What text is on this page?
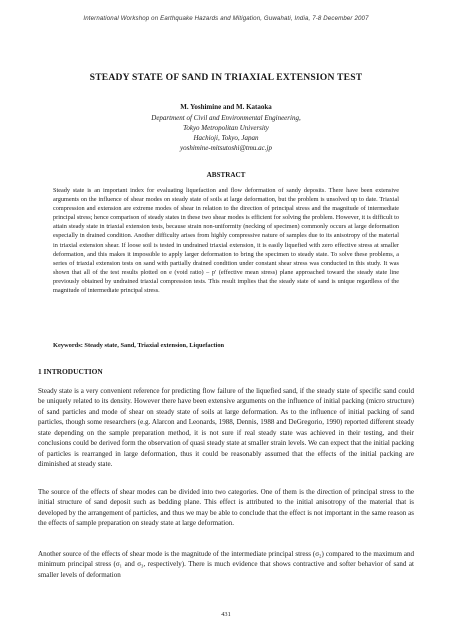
International Workshop on Earthquake Hazards and Mitigation, Guwahati, India, 7-8 December 2007
STEADY STATE OF SAND IN TRIAXIAL EXTENSION TEST
M. Yoshimine and M. Kataoka
Department of Civil and Environmental Engineering,
Tokyo Metropolitan University
Hachioji, Tokyo, Japan
yoshimine-mitsutoshi@tmu.ac.jp
ABSTRACT
Steady state is an important index for evaluating liquefaction and flow deformation of sandy deposits. There have been extensive arguments on the influence of shear modes on steady state of soils at large deformation, but the problem is unsolved up to date. Triaxial compression and extension are extreme modes of shear in relation to the direction of principal stress and the magnitude of intermediate principal stress; hence comparison of steady states in these two shear modes is efficient for solving the problem. However, it is difficult to attain steady state in triaxial extension tests, because strain non-uniformity (necking of specimen) commonly occurs at large deformation especially in drained condition. Another difficulty arises from highly compressive nature of samples due to its anisotropy of the material in triaxial extension shear. If loose soil is tested in undrained triaxial extension, it is easily liquefied with zero effective stress at smaller deformation, and this makes it impossible to apply larger deformation to bring the specimen to steady state. To solve these problems, a series of triaxial extension tests on sand with partially drained condition under constant shear stress was conducted in this study. It was shown that all of the test results plotted on e (void ratio) – p′ (effective mean stress) plane approached toward the steady state line previously obtained by undrained triaxial compression tests. This result implies that the steady state of sand is unique regardless of the magnitude of intermediate principal stress.
Keywords: Steady state, Sand, Triaxial extension, Liquefaction
1 INTRODUCTION
Steady state is a very convenient reference for predicting flow failure of the liquefied sand, if the steady state of specific sand could be uniquely related to its density. However there have been extensive arguments on the influence of initial packing (micro structure) of sand particles and mode of shear on steady state of soils at large deformation. As to the influence of initial packing of sand particles, though some researchers (e.g. Alarcon and Leonards, 1988, Dennis, 1988 and DeGregorio, 1990) reported different steady state depending on the sample preparation method, it is not sure if real steady state was achieved in their testing, and their conclusions could be derived form the observation of quasi steady state at smaller strain levels. We can expect that the initial packing of particles is rearranged in large deformation, thus it could be reasonably assumed that the effects of the initial packing are diminished at steady state.
The source of the effects of shear modes can be divided into two categories. One of them is the direction of principal stress to the initial structure of sand deposit such as bedding plane. This effect is attributed to the initial anisotropy of the material that is developed by the arrangement of particles, and thus we may be able to conclude that the effect is not important in the same reason as the effects of sample preparation on steady state at large deformation.
Another source of the effects of shear mode is the magnitude of the intermediate principal stress (σ₂) compared to the maximum and minimum principal stress (σ₁ and σ₃, respectively). There is much evidence that shows contractive and softer behavior of sand at smaller levels of deformation
431
